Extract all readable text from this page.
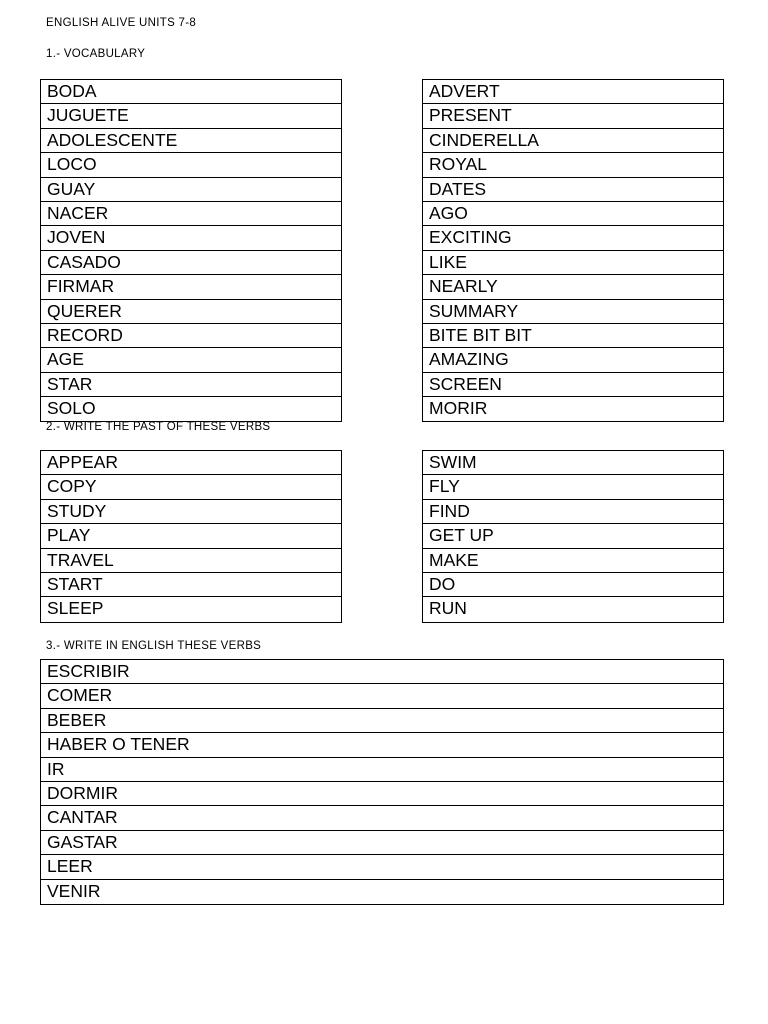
ENGLISH ALIVE UNITS 7-8
1.- VOCABULARY
BODA
JUGUETE
ADOLESCENTE
LOCO
GUAY
NACER
JOVEN
CASADO
FIRMAR
QUERER
RECORD
AGE
STAR
SOLO
ADVERT
PRESENT
CINDERELLA
ROYAL
DATES
AGO
EXCITING
LIKE
NEARLY
SUMMARY
BITE BIT BIT
AMAZING
SCREEN
MORIR
2.- WRITE THE PAST OF THESE VERBS
APPEAR
COPY
STUDY
PLAY
TRAVEL
START
SLEEP
SWIM
FLY
FIND
GET UP
MAKE
DO
RUN
3.- WRITE IN ENGLISH THESE VERBS
ESCRIBIR
COMER
BEBER
HABER O TENER
IR
DORMIR
CANTAR
GASTAR
LEER
VENIR
